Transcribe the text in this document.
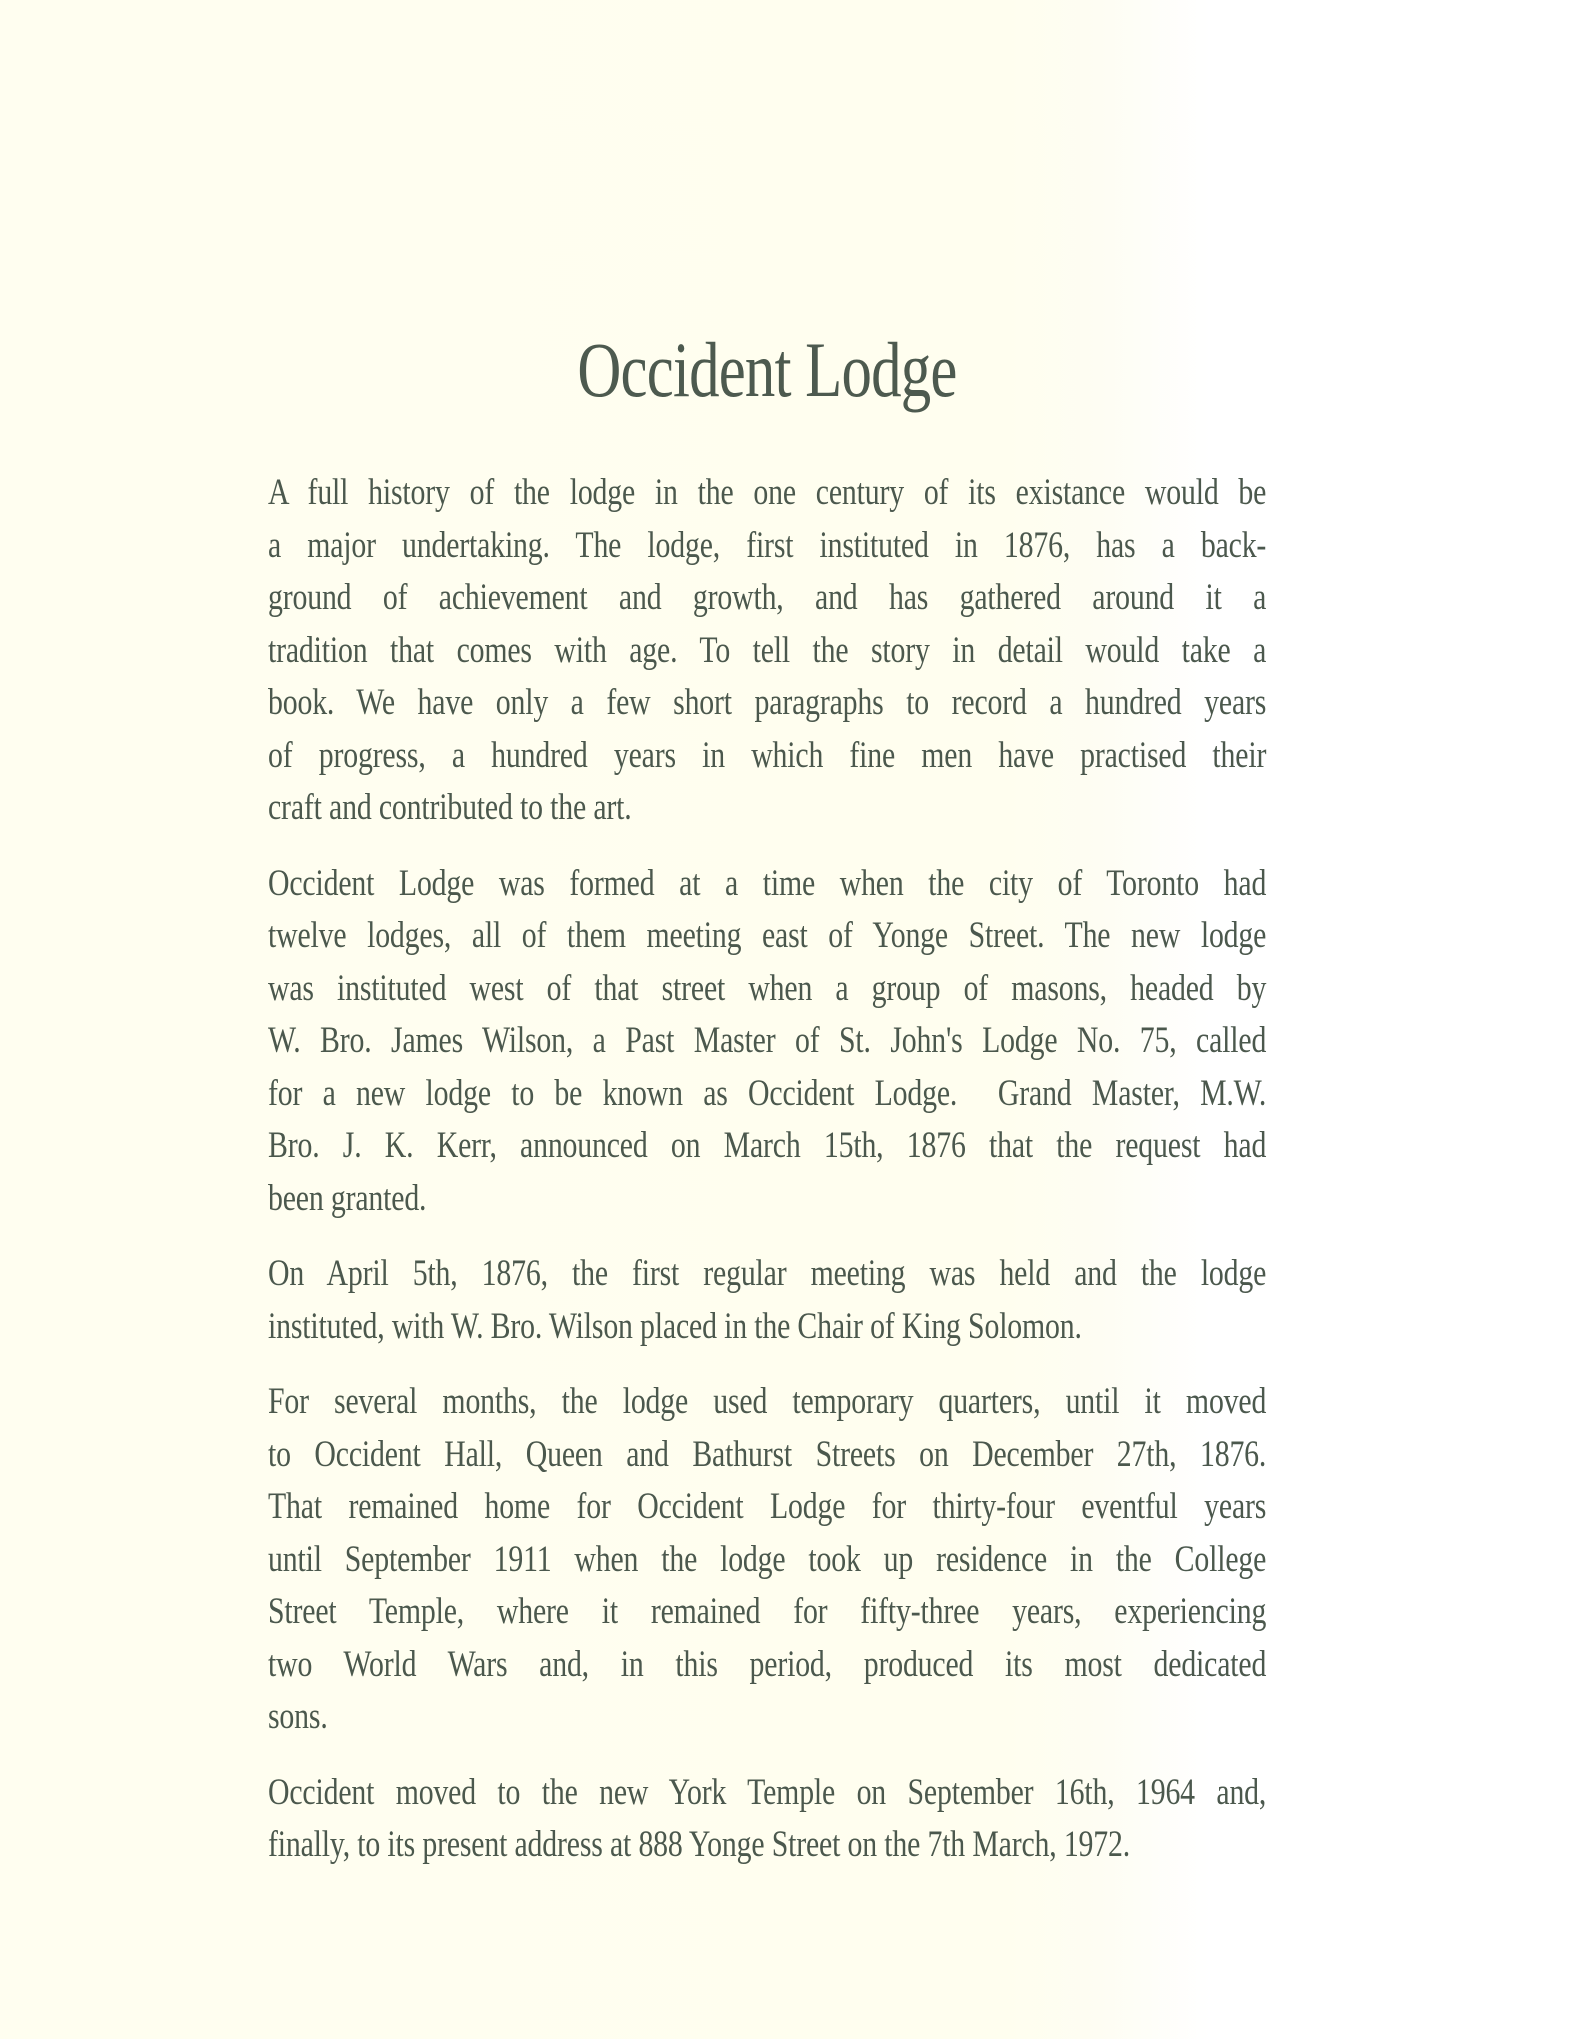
Occident Lodge
A full history of the lodge in the one century of its existance would be
a major undertaking. The lodge, first instituted in 1876, has a back-
ground of achievement and growth, and has gathered around it a
tradition that comes with age. To tell the story in detail would take a
book. We have only a few short paragraphs to record a hundred years
of progress, a hundred years in which fine men have practised their
craft and contributed to the art.
Occident Lodge was formed at a time when the city of Toronto had
twelve lodges, all of them meeting east of Yonge Street. The new lodge
was instituted west of that street when a group of masons, headed by
W. Bro. James Wilson, a Past Master of St. John's Lodge No. 75, called
for a new lodge to be known as Occident Lodge.  Grand Master, M.W.
Bro. J. K. Kerr, announced on March 15th, 1876 that the request had
been granted.
On April 5th, 1876, the first regular meeting was held and the lodge
instituted, with W. Bro. Wilson placed in the Chair of King Solomon.
For several months, the lodge used temporary quarters, until it moved
to Occident Hall, Queen and Bathurst Streets on December 27th, 1876.
That remained home for Occident Lodge for thirty-four eventful years
until September 1911 when the lodge took up residence in the College
Street Temple, where it remained for fifty-three years, experiencing
two World Wars and, in this period, produced its most dedicated
sons.
Occident moved to the new York Temple on September 16th, 1964 and,
finally, to its present address at 888 Yonge Street on the 7th March, 1972.
